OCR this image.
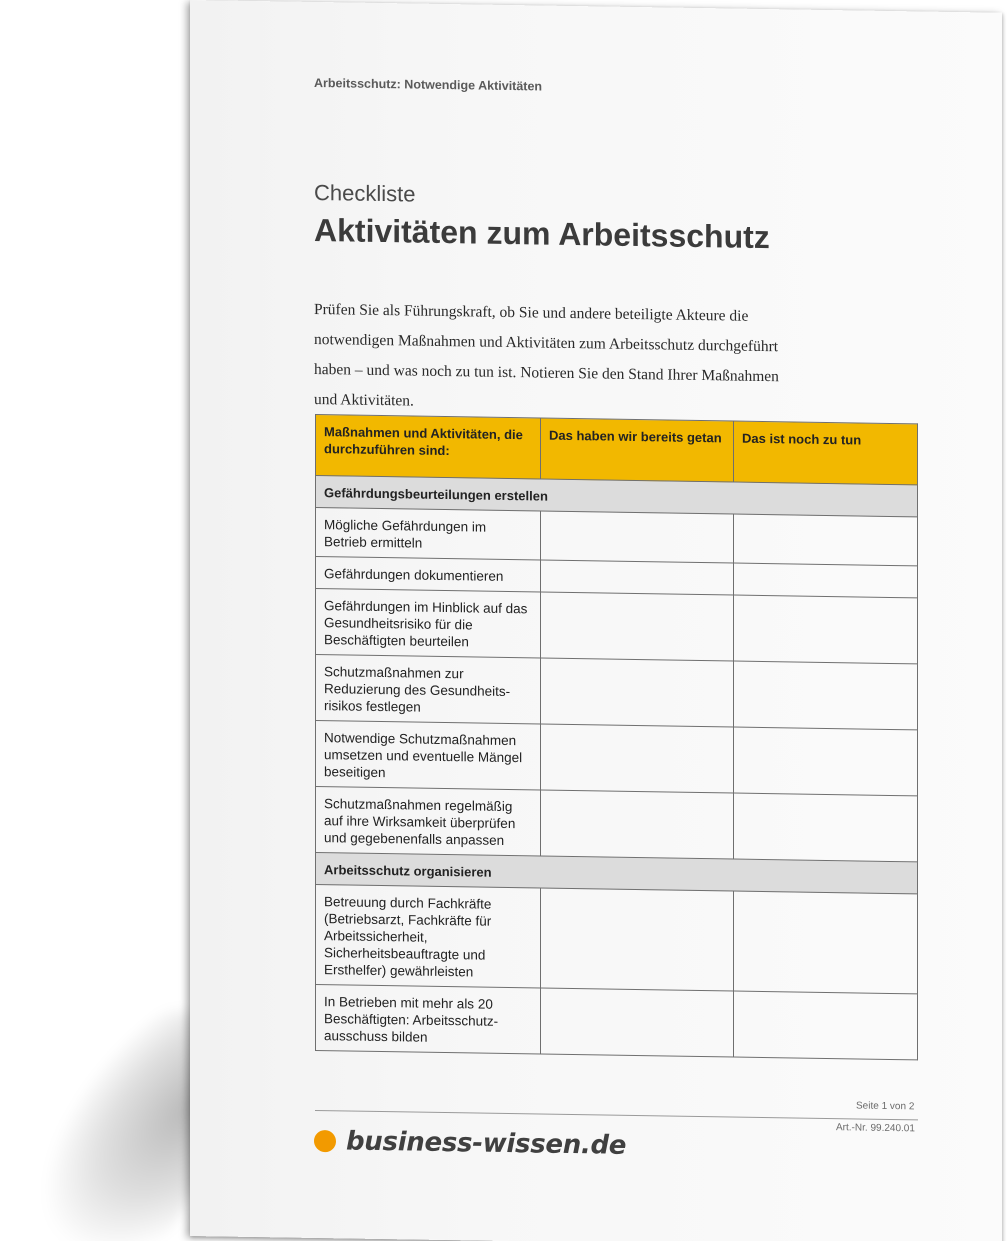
Arbeitsschutz: Notwendige Aktivitäten
Checkliste
Aktivitäten zum Arbeitsschutz
Prüfen Sie als Führungskraft, ob Sie und andere beteiligte Akteure die notwendigen Maßnahmen und Aktivitäten zum Arbeitsschutz durchgeführt haben – und was noch zu tun ist. Notieren Sie den Stand Ihrer Maßnahmen und Aktivitäten.
Maßnahmen und Aktivitäten, die durchzuführen sind:	Das haben wir bereits getan	Das ist noch zu tun
Gefährdungsbeurteilungen erstellen		
Mögliche Gefährdungen im Betrieb ermitteln		
Gefährdungen dokumentieren		
Gefährdungen im Hinblick auf das Gesundheitsrisiko für die Beschäftigten beurteilen		
Schutzmaßnahmen zur Reduzierung des Gesundheits-risikos festlegen		
Notwendige Schutzmaßnahmen umsetzen und eventuelle Mängel beseitigen		
Schutzmaßnahmen regelmäßig auf ihre Wirksamkeit überprüfen und gegebenenfalls anpassen		
Arbeitsschutz organisieren		
Betreuung durch Fachkräfte (Betriebsarzt, Fachkräfte für Arbeitssicherheit, Sicherheitsbeauftragte und Ersthelfer) gewährleisten		
In Betrieben mit mehr als 20 Beschäftigten: Arbeitsschutz-ausschuss bilden		
Seite 1 von 2
Art.-Nr. 99.240.01
business-wissen.de
